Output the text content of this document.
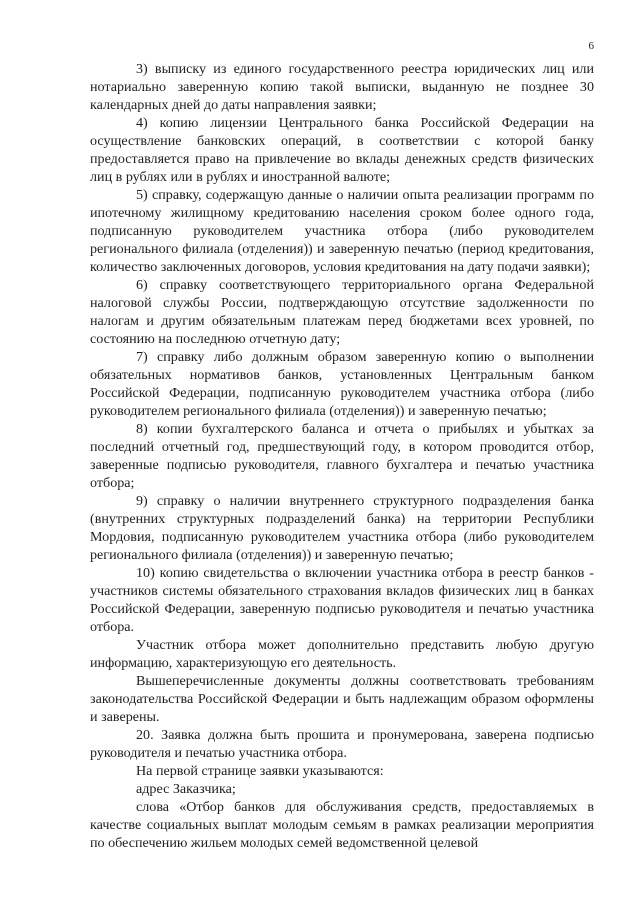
6

3) выписку из единого государственного реестра юридических лиц или нотариально заверенную копию такой выписки, выданную не позднее 30 календарных дней до даты направления заявки;

4) копию лицензии Центрального банка Российской Федерации на осуществление банковских операций, в соответствии с которой банку предоставляется право на привлечение во вклады денежных средств физических лиц в рублях или в рублях и иностранной валюте;

5) справку, содержащую данные о наличии опыта реализации программ по ипотечному жилищному кредитованию населения сроком более одного года, подписанную руководителем участника отбора (либо руководителем регионального филиала (отделения)) и заверенную печатью (период кредитования, количество заключенных договоров, условия кредитования на дату подачи заявки);

6) справку соответствующего территориального органа Федеральной налоговой службы России, подтверждающую отсутствие задолженности по налогам и другим обязательным платежам перед бюджетами всех уровней, по состоянию на последнюю отчетную дату;

7) справку либо должным образом заверенную копию о выполнении обязательных нормативов банков, установленных Центральным банком Российской Федерации, подписанную руководителем участника отбора (либо руководителем регионального филиала (отделения)) и заверенную печатью;

8) копии бухгалтерского баланса и отчета о прибылях и убытках за последний отчетный год, предшествующий году, в котором проводится отбор, заверенные подписью руководителя, главного бухгалтера и печатью участника отбора;

9) справку о наличии внутреннего структурного подразделения банка (внутренних структурных подразделений банка) на территории Республики Мордовия, подписанную руководителем участника отбора (либо руководителем регионального филиала (отделения)) и заверенную печатью;

10) копию свидетельства о включении участника отбора в реестр банков - участников системы обязательного страхования вкладов физических лиц в банках Российской Федерации, заверенную подписью руководителя и печатью участника отбора.

Участник отбора может дополнительно представить любую другую информацию, характеризующую его деятельность.

Вышеперечисленные документы должны соответствовать требованиям законодательства Российской Федерации и быть надлежащим образом оформлены и заверены.

20. Заявка должна быть прошита и пронумерована, заверена подписью руководителя и печатью участника отбора.

На первой странице заявки указываются:

адрес Заказчика;

слова «Отбор банков для обслуживания средств, предоставляемых в качестве социальных выплат молодым семьям в рамках реализации мероприятия по обеспечению жильем молодых семей ведомственной целевой
